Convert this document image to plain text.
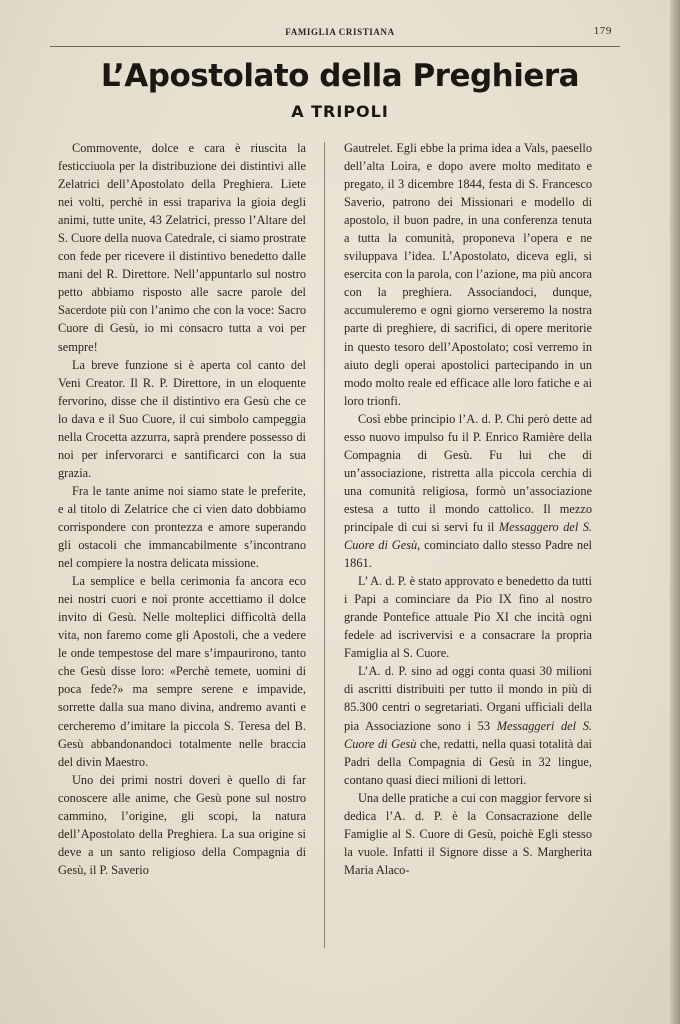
FAMIGLIA CRISTIANA	179
L’Apostolato della Preghiera
A TRIPOLI

Commovente, dolce e cara è riuscita la festicciuola per la distribuzione dei distintivi alle Zelatrici dell’Apostolato della Preghiera. Liete nei volti, perchè in essi trapariva la gioia degli animi, tutte unite, 43 Zelatrici, presso l’Altare del S. Cuore della nuova Catedrale, ci siamo prostrate con fede per ricevere il distintivo benedetto dalle mani del R. Direttore. Nell’appuntarlo sul nostro petto abbiamo risposto alle sacre parole del Sacerdote più con l’animo che con la voce: Sacro Cuore di Gesù, io mi consacro tutta a voi per sempre!

La breve funzione si è aperta col canto del Veni Creator. Il R. P. Direttore, in un eloquente fervorino, disse che il distintivo era Gesù che ce lo dava e il Suo Cuore, il cui simbolo campeggia nella Crocetta azzurra, saprà prendere possesso di noi per infervorarci e santificarci con la sua grazia.

Fra le tante anime noi siamo state le preferite, e al titolo di Zelatrice che ci vien dato dobbiamo corrispondere con prontezza e amore superando gli ostacoli che immancabilmente s’incontrano nel compiere la nostra delicata missione.

La semplice e bella cerimonia fa ancora eco nei nostri cuori e noi pronte accettiamo il dolce invito di Gesù. Nelle molteplici difficoltà della vita, non faremo come gli Apostoli, che a vedere le onde tempestose del mare s’impaurirono, tanto che Gesù disse loro: «Perchè temete, uomini di poca fede?» ma sempre serene e impavide, sorrette dalla sua mano divina, andremo avanti e cercheremo d’imitare la piccola S. Teresa del B. Gesù abbandonandoci totalmente nelle braccia del divin Maestro.

Uno dei primi nostri doveri è quello di far conoscere alle anime, che Gesù pone sul nostro cammino, l’origine, gli scopi, la natura dell’Apostolato della Preghiera. La sua origine si deve a un santo religioso della Compagnia di Gesù, il P. Saverio

Gautrelet. Egli ebbe la prima idea a Vals, paesello dell’alta Loira, e dopo avere molto meditato e pregato, il 3 dicembre 1844, festa di S. Francesco Saverio, patrono dei Missionari e modello di apostolo, il buon padre, in una conferenza tenuta a tutta la comunità, proponeva l’opera e ne sviluppava l’idea. L’Apostolato, diceva egli, si esercita con la parola, con l’azione, ma più ancora con la preghiera. Associandoci, dunque, accumuleremo e ogni giorno verseremo la nostra parte di preghiere, di sacrifici, di opere meritorie in questo tesoro dell’Apostolato; così verremo in aiuto degli operai apostolici partecipando in un modo molto reale ed efficace alle loro fatiche e ai loro trionfi.

Così ebbe principio l’A. d. P. Chi però dette ad esso nuovo impulso fu il P. Enrico Ramière della Compagnia di Gesù. Fu lui che di un’associazione, ristretta alla piccola cerchia di una comunità religiosa, formò un’associazione estesa a tutto il mondo cattolico. Il mezzo principale di cui si servì fu il Messaggero del S. Cuore di Gesù, cominciato dallo stesso Padre nel 1861.

L’ A. d. P. è stato approvato e benedetto da tutti i Papi a cominciare da Pio IX fino al nostro grande Pontefice attuale Pio XI che incità ogni fedele ad iscrivervisi e a consacrare la propria Famiglia al S. Cuore.

L’A. d. P. sino ad oggi conta quasi 30 milioni di ascritti distribuiti per tutto il mondo in più di 85.300 centri o segretariati. Organi ufficiali della pia Associazione sono i 53 Messaggeri del S. Cuore di Gesù che, redatti, nella quasi totalità dai Padri della Compagnia di Gesù in 32 lingue, contano quasi dieci milioni di lettori.

Una delle pratiche a cui con maggior fervore si dedica l’A. d. P. è la Consacrazione delle Famiglie al S. Cuore di Gesù, poichè Egli stesso la vuole. Infatti il Signore disse a S. Margherita Maria Alaco-
